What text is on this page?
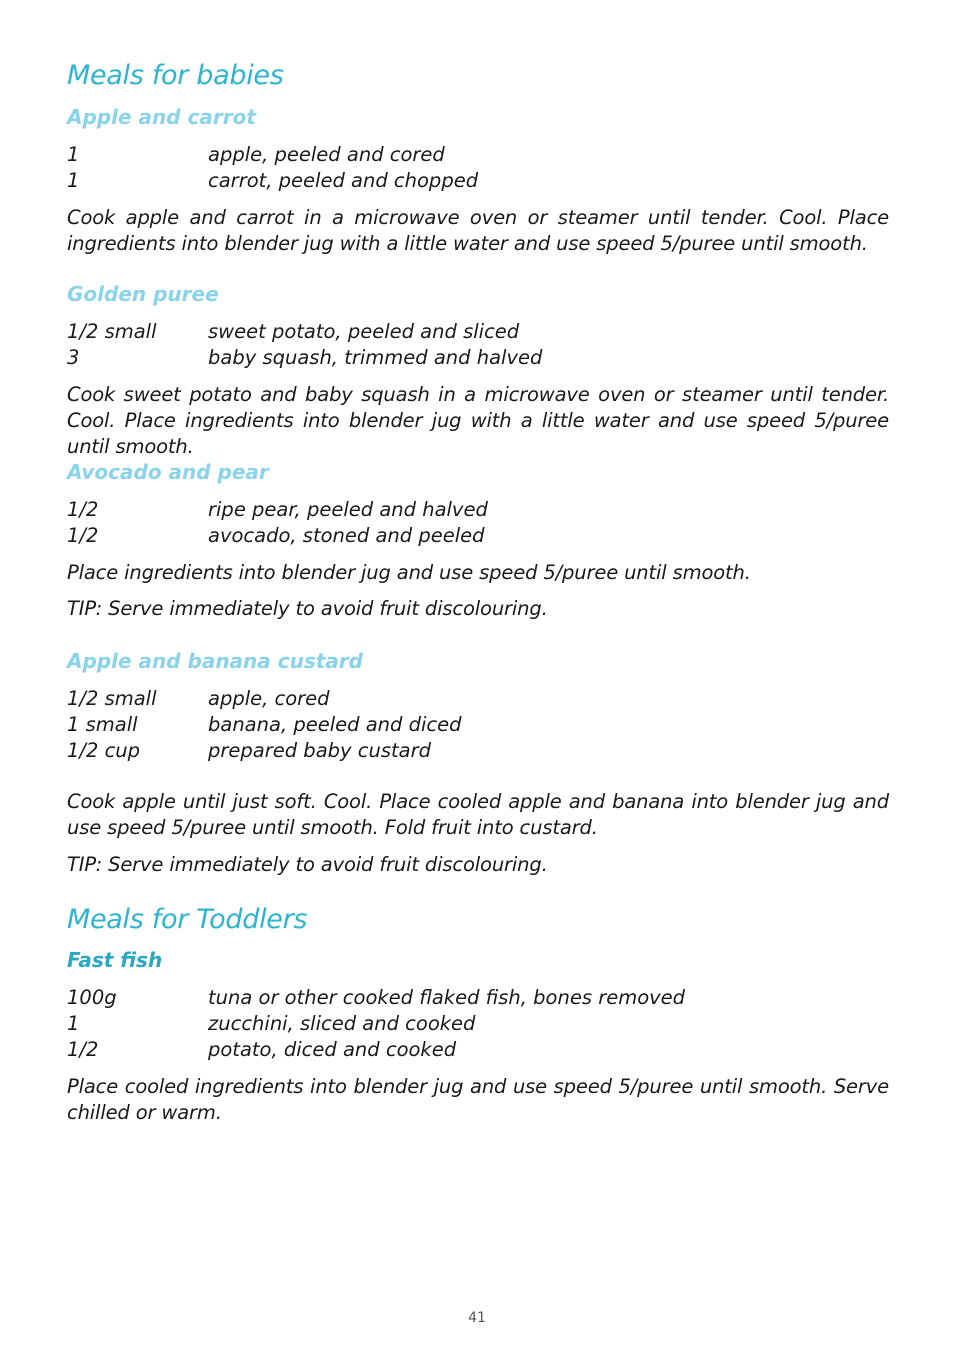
Meals for babies
Apple and carrot
1	apple, peeled and cored
1	carrot, peeled and chopped

Cook apple and carrot in a microwave oven or steamer until tender. Cool. Place ingredients into blender jug with a little water and use speed 5/puree until smooth.

Golden puree
1/2 small	sweet potato, peeled and sliced
3	baby squash, trimmed and halved

Cook sweet potato and baby squash in a microwave oven or steamer until tender. Cool. Place ingredients into blender jug with a little water and use speed 5/puree until smooth.

Avocado and pear
1/2	ripe pear, peeled and halved
1/2	avocado, stoned and peeled

Place ingredients into blender jug and use speed 5/puree until smooth.

TIP: Serve immediately to avoid fruit discolouring.

Apple and banana custard
1/2 small	apple, cored
1 small	banana, peeled and diced
1/2 cup	prepared baby custard

Cook apple until just soft. Cool. Place cooled apple and banana into blender jug and use speed 5/puree until smooth. Fold fruit into custard.

TIP: Serve immediately to avoid fruit discolouring.

Meals for Toddlers
Fast fish
100g	tuna or other cooked flaked fish, bones removed
1	zucchini, sliced and cooked
1/2	potato, diced and cooked

Place cooled ingredients into blender jug and use speed 5/puree until smooth. Serve chilled or warm.

41
